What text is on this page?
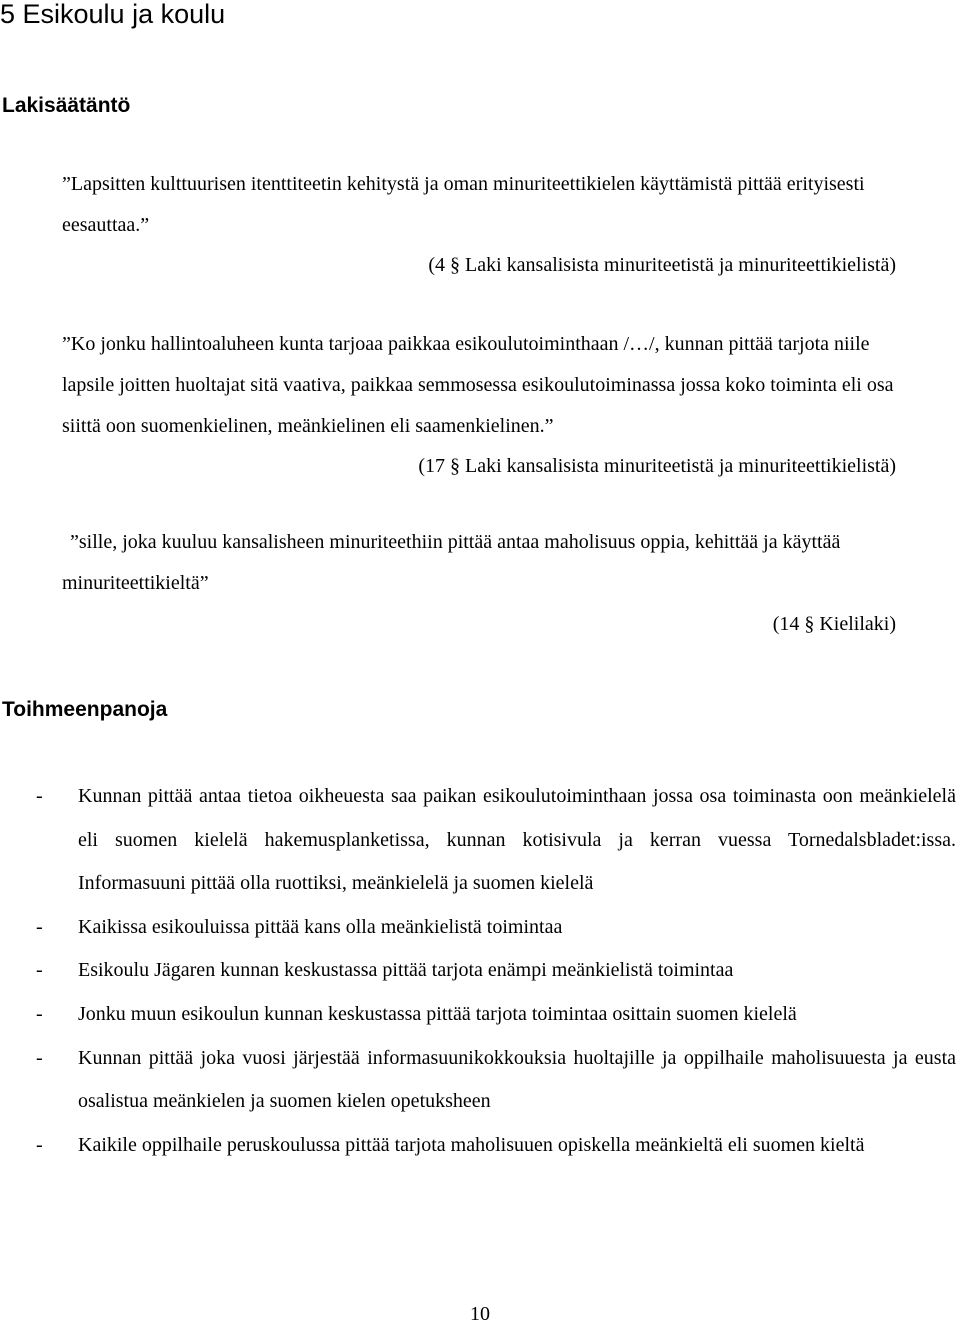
5 Esikoulu ja koulu
Lakisäätäntö

”Lapsitten kulttuurisen itenttiteetin kehitystä ja oman minuriteettikielen käyttämistä pittää erityisesti eesauttaa.”

(4 § Laki kansalisista minuriteetistä ja minuriteettikielistä)

”Ko jonku hallintoaluheen kunta tarjoaa paikkaa esikoulutoiminthaan /…/, kunnan pittää tarjota niile lapsile joitten huoltajat sitä vaativa, paikkaa semmosessa esikoulutoiminassa jossa koko toiminta eli osa siittä oon suomenkielinen, meänkielinen eli saamenkielinen.”

(17 § Laki kansalisista minuriteetistä ja minuriteettikielistä)

”sille, joka kuuluu kansalisheen minuriteethiin pittää antaa maholisuus oppia, kehittää ja käyttää minuriteettikieltä”

(14 § Kielilaki)

Toihmeenpanoja
-	Kunnan pittää antaa tietoa oikheuesta saa paikan esikoulutoiminthaan jossa osa toiminasta oon meänkielelä eli suomen kielelä hakemusplanketissa, kunnan kotisivula ja kerran vuessa Tornedalsbladet:issa. Informasuuni pittää olla ruottiksi, meänkielelä ja suomen kielelä
-	Kaikissa esikouluissa pittää kans olla meänkielistä toimintaa
-	Esikoulu Jägaren kunnan keskustassa pittää tarjota enämpi meänkielistä toimintaa
-	Jonku muun esikoulun kunnan keskustassa pittää tarjota toimintaa osittain suomen kielelä
-	Kunnan pittää joka vuosi järjestää informasuunikokkouksia huoltajille ja oppilhaile maholisuuesta ja eusta osalistua meänkielen ja suomen kielen opetuksheen
-	Kaikile oppilhaile peruskoulussa pittää tarjota maholisuuen opiskella meänkieltä eli suomen kieltä

10
